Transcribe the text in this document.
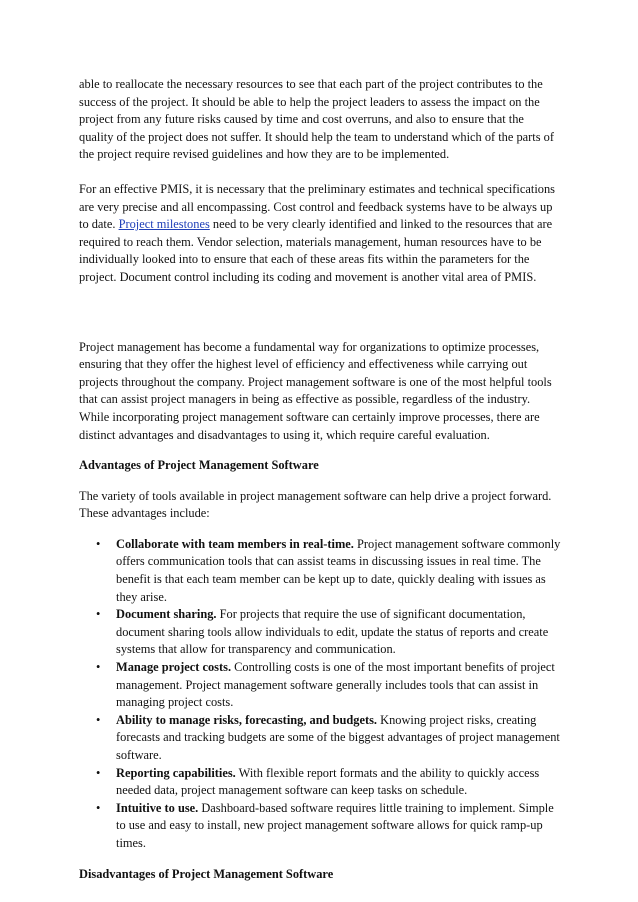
able to reallocate the necessary resources to see that each part of the project contributes to the success of the project. It should be able to help the project leaders to assess the impact on the project from any future risks caused by time and cost overruns, and also to ensure that the quality of the project does not suffer. It should help the team to understand which of the parts of the project require revised guidelines and how they are to be implemented.

For an effective PMIS, it is necessary that the preliminary estimates and technical specifications are very precise and all encompassing. Cost control and feedback systems have to be always up to date. Project milestones need to be very clearly identified and linked to the resources that are required to reach them. Vendor selection, materials management, human resources have to be individually looked into to ensure that each of these areas fits within the parameters for the project. Document control including its coding and movement is another vital area of PMIS.

Project management has become a fundamental way for organizations to optimize processes, ensuring that they offer the highest level of efficiency and effectiveness while carrying out projects throughout the company. Project management software is one of the most helpful tools that can assist project managers in being as effective as possible, regardless of the industry. While incorporating project management software can certainly improve processes, there are distinct advantages and disadvantages to using it, which require careful evaluation.

Advantages of Project Management Software

The variety of tools available in project management software can help drive a project forward. These advantages include:

• Collaborate with team members in real-time. Project management software commonly offers communication tools that can assist teams in discussing issues in real time. The benefit is that each team member can be kept up to date, quickly dealing with issues as they arise.
• Document sharing. For projects that require the use of significant documentation, document sharing tools allow individuals to edit, update the status of reports and create systems that allow for transparency and communication.
• Manage project costs. Controlling costs is one of the most important benefits of project management. Project management software generally includes tools that can assist in managing project costs.
• Ability to manage risks, forecasting, and budgets. Knowing project risks, creating forecasts and tracking budgets are some of the biggest advantages of project management software.
• Reporting capabilities. With flexible report formats and the ability to quickly access needed data, project management software can keep tasks on schedule.
• Intuitive to use. Dashboard-based software requires little training to implement. Simple to use and easy to install, new project management software allows for quick ramp-up times.

Disadvantages of Project Management Software
